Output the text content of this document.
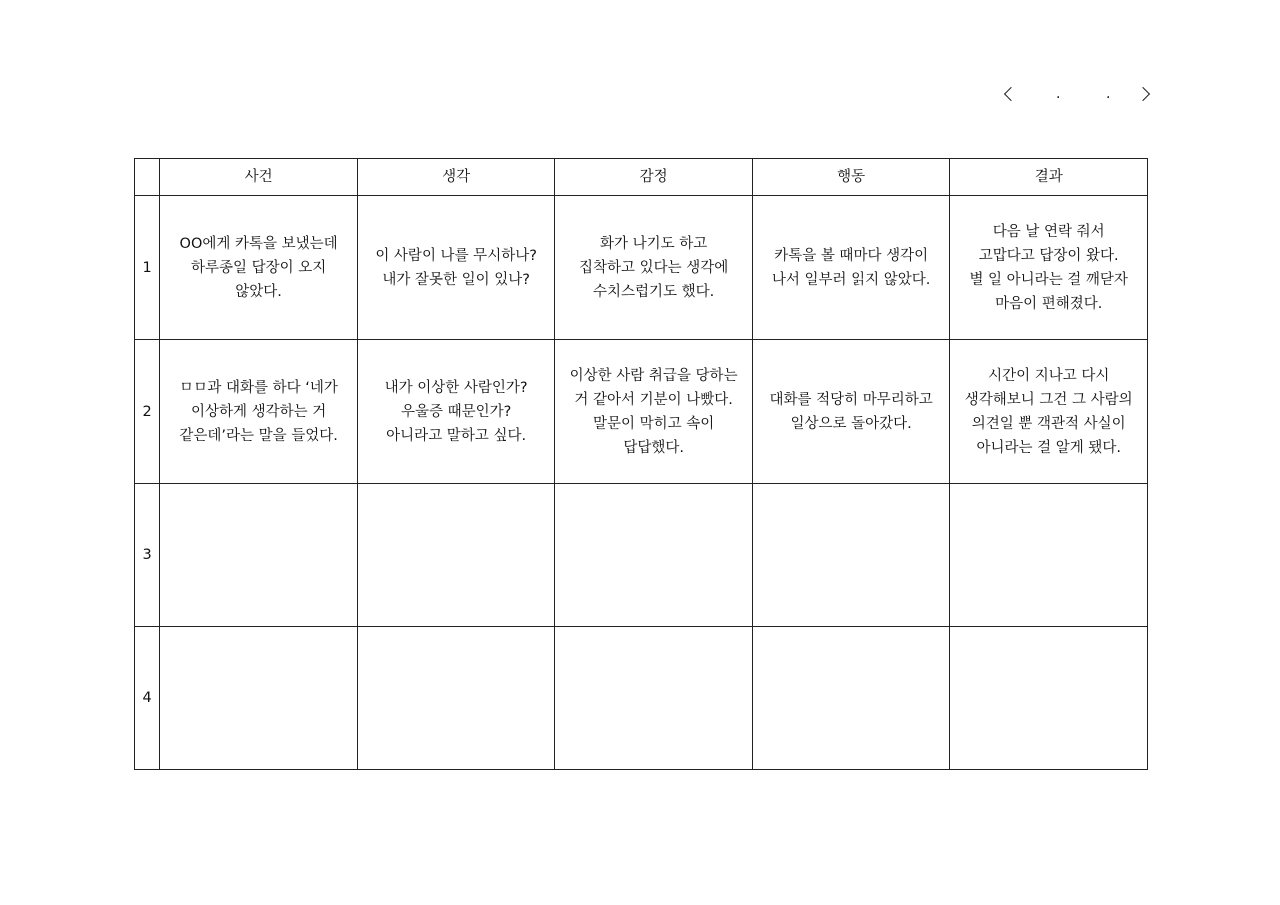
.	.
	사건	생각	감정	행동	결과
1	OO에게 카톡을 보냈는데
하루종일 답장이 오지
않았다.	이 사람이 나를 무시하나?
내가 잘못한 일이 있나?	화가 나기도 하고
집착하고 있다는 생각에
수치스럽기도 했다.	카톡을 볼 때마다 생각이
나서 일부러 읽지 않았다.	다음 날 연락 줘서
고맙다고 답장이 왔다.
별 일 아니라는 걸 깨닫자
마음이 편해졌다.

2	ㅁㅁ과 대화를 하다 ‘네가
이상하게 생각하는 거
같은데’라는 말을 들었다.	내가 이상한 사람인가?
우울증 때문인가?
아니라고 말하고 싶다.	이상한 사람 취급을 당하는
거 같아서 기분이 나빴다.
말문이 막히고 속이
답답했다.	대화를 적당히 마무리하고
일상으로 돌아갔다.	시간이 지나고 다시
생각해보니 그건 그 사람의
의견일 뿐 객관적 사실이
아니라는 걸 알게 됐다.

3	

4	
